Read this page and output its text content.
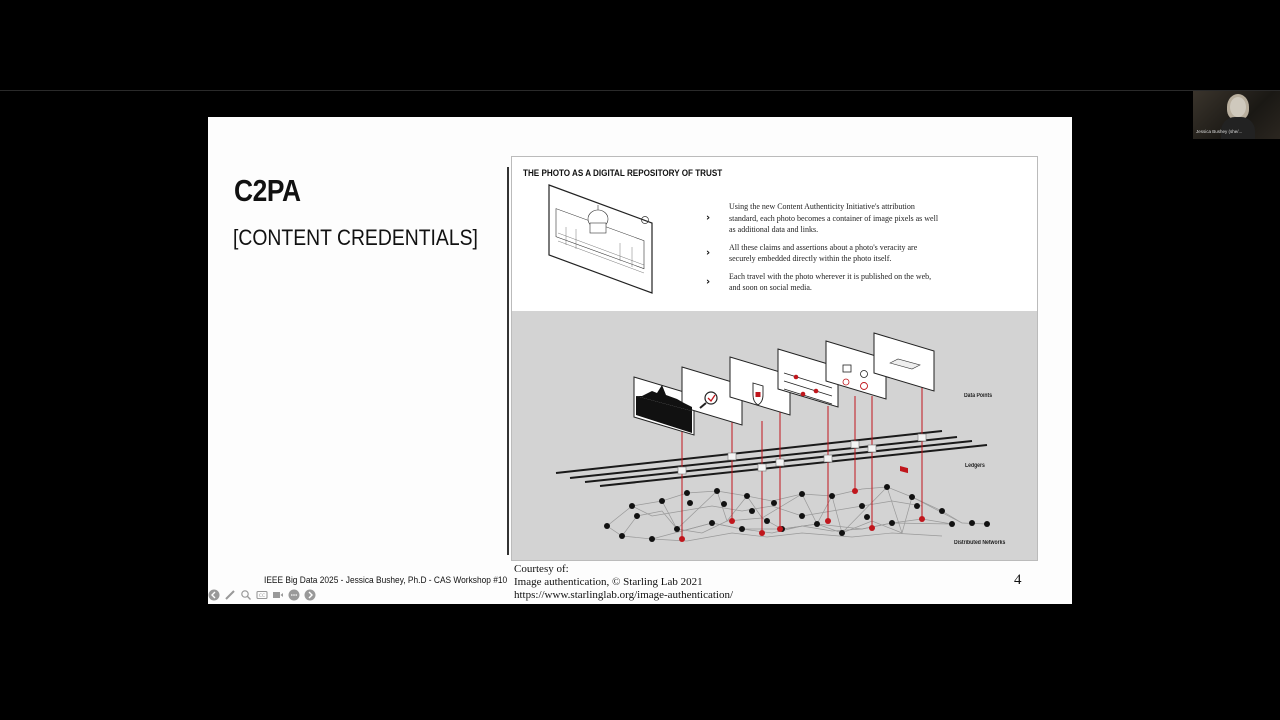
Jessica Bushey (she/...
C2PA
[CONTENT CREDENTIALS]
THE PHOTO AS A DIGITAL REPOSITORY OF TRUST
›
Using the new Content Authenticity Initiative's attribution standard, each photo becomes a container of image pixels as well as additional data and links.
›
All these claims and assertions about a photo's veracity are securely embedded directly within the photo itself.
›
Each travel with the photo wherever it is published on the web, and soon on social media.
Data Points
Ledgers
Distributed Networks
IEEE Big Data 2025 - Jessica Bushey, Ph.D - CAS Workshop #10
Courtesy of:
Image authentication, © Starling Lab 2021
https://www.starlinglab.org/image-authentication/
4
CC
